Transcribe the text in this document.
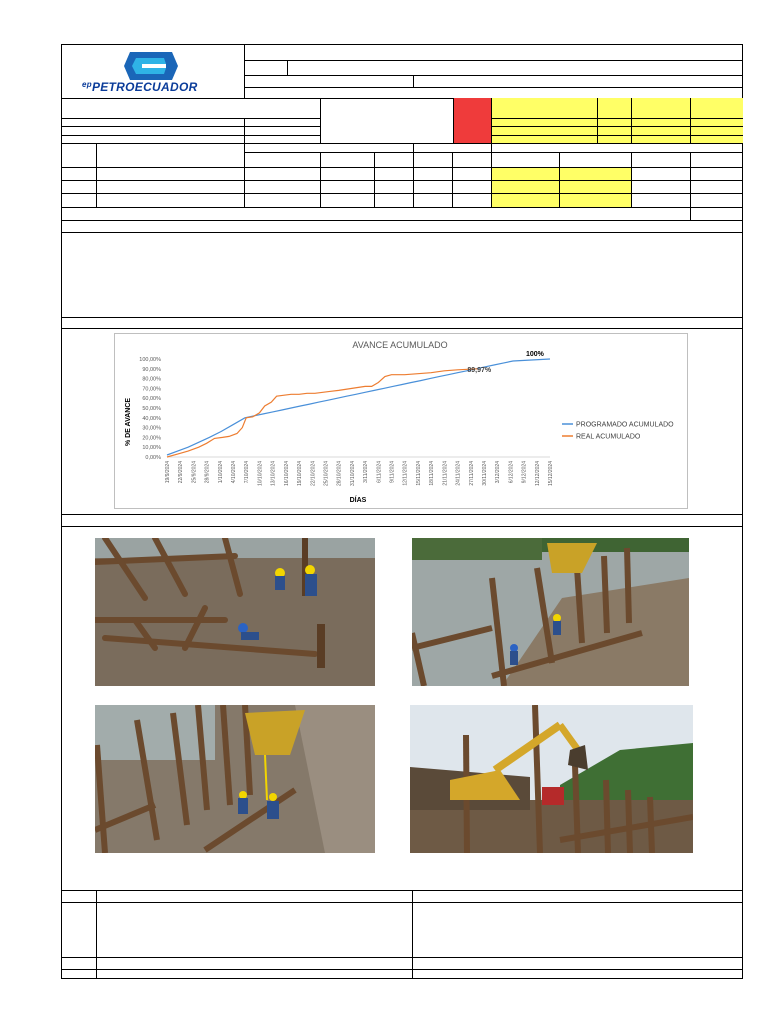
$^{ep}$PETROECUADOR
AVANCE ACUMULADO
% DE AVANCE
DÍAS
0,00%
10,00%
20,00%
30,00%
40,00%
50,00%
60,00%
70,00%
80,00%
90,00%
100,00%
19/9/2024 22/9/2024 25/9/2024 28/9/2024 1/10/2024 4/10/2024 7/10/2024 10/10/2024 13/10/2024 16/10/2024 19/10/2024 22/10/2024 25/10/2024 28/10/2024 31/10/2024 3/11/2024 6/11/2024 9/11/2024 12/11/2024 15/11/2024 18/11/2024 21/11/2024 24/11/2024 27/11/2024 30/11/2024 3/12/2024 6/12/2024 9/12/2024 12/12/2024 15/12/2024
PROGRAMADO ACUMULADO
REAL ACUMULADO
89,97%
100%
